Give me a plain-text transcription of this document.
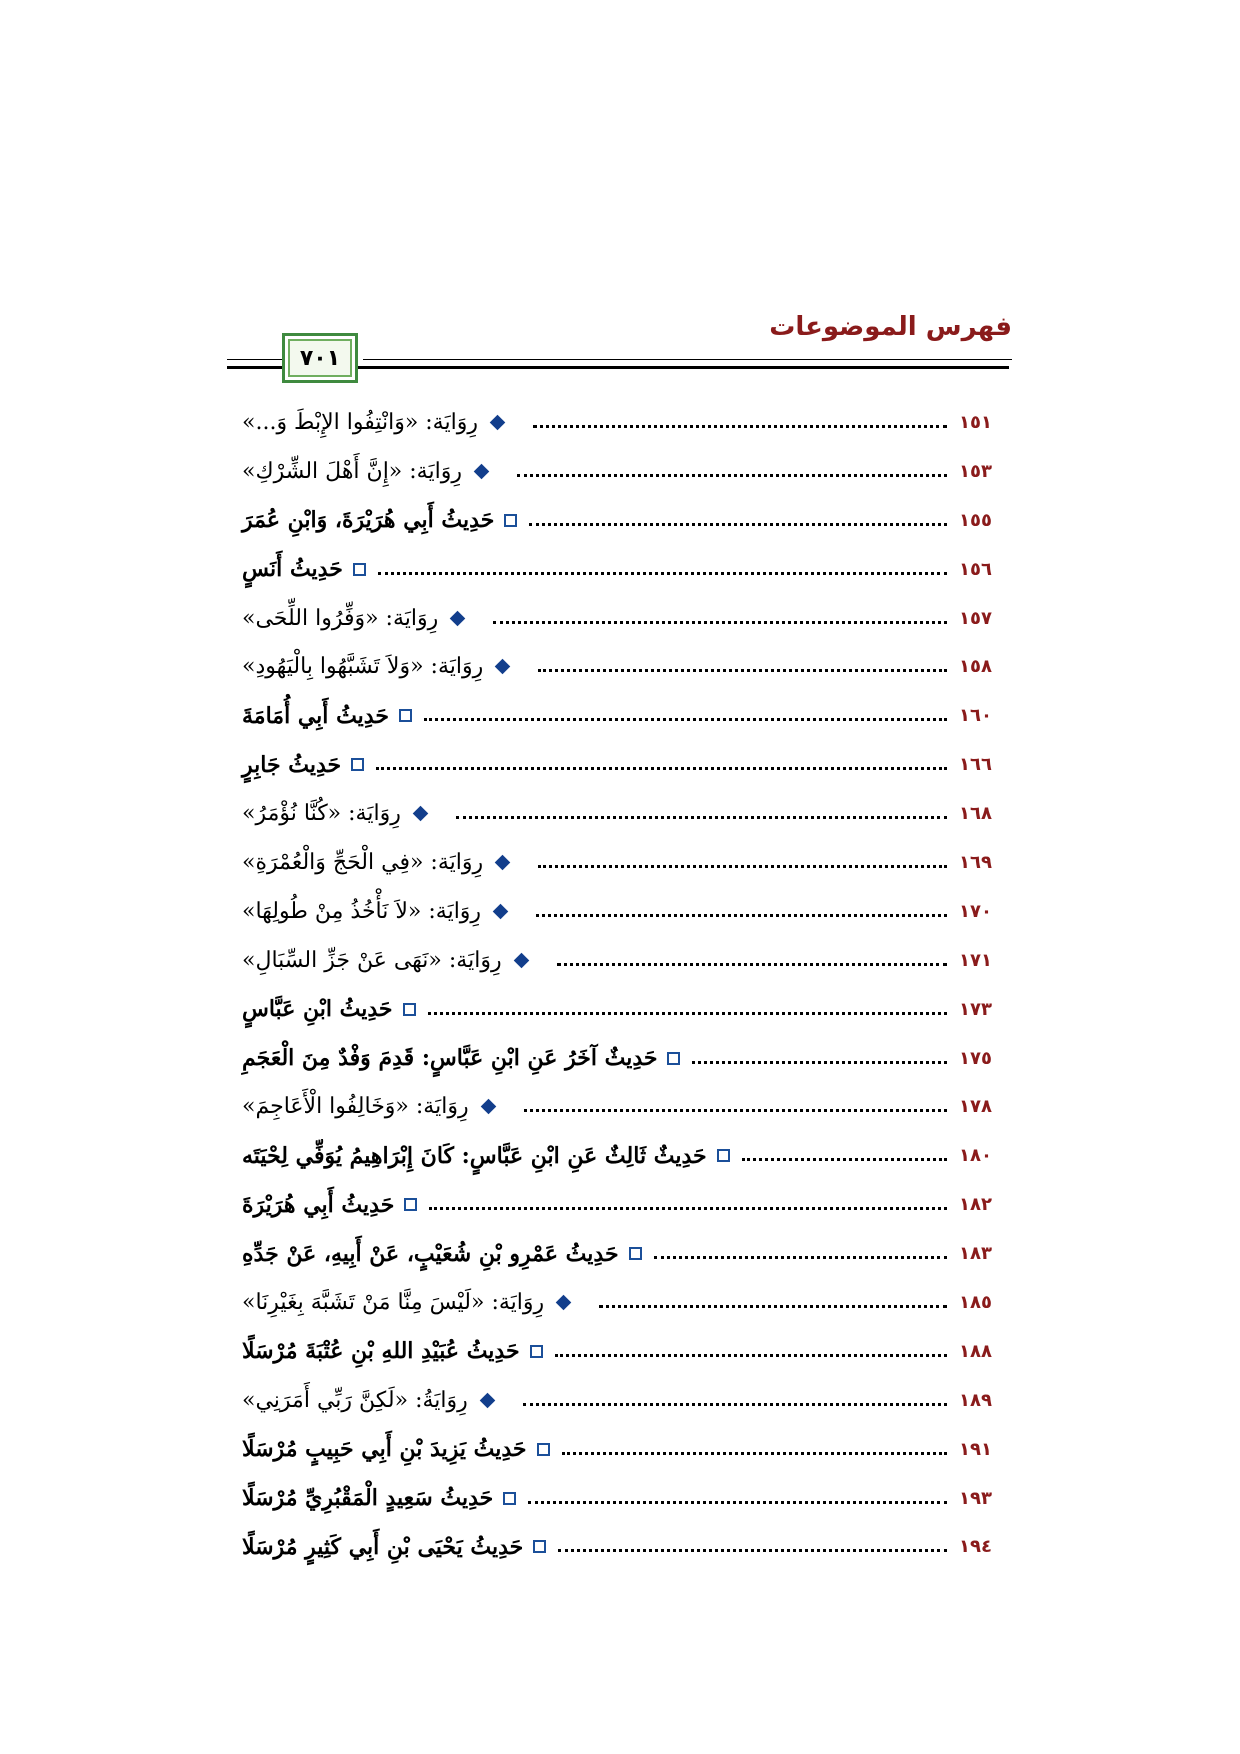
فهرس الموضوعات
٧٠١
رِوَايَة: «وَانْتِفُوا الإِبْطَ وَ...»	١٥١
رِوَايَة: «إِنَّ أَهْلَ الشِّرْكِ»	١٥٣
حَدِيثُ أَبِي هُرَيْرَةَ، وَابْنِ عُمَرَ	١٥٥
حَدِيثُ أَنَسٍ	١٥٦
رِوَايَة: «وَفِّرُوا اللِّحَى»	١٥٧
رِوَايَة: «وَلاَ تَشَبَّهُوا بِالْيَهُودِ»	١٥٨
حَدِيثُ أَبِي أُمَامَةَ	١٦٠
حَدِيثُ جَابِرٍ	١٦٦
رِوَايَة: «كُنَّا نُؤْمَرُ»	١٦٨
رِوَايَة: «فِي الْحَجِّ وَالْعُمْرَةِ»	١٦٩
رِوَايَة: «لاَ نَأْخُذُ مِنْ طُولِهَا»	١٧٠
رِوَايَة: «نَهَى عَنْ جَزِّ السِّبَالِ»	١٧١
حَدِيثُ ابْنِ عَبَّاسٍ	١٧٣
حَدِيثٌ آخَرُ عَنِ ابْنِ عَبَّاسٍ: قَدِمَ وَفْدٌ مِنَ الْعَجَمِ	١٧٥
رِوَايَة: «وَخَالِفُوا الْأَعَاجِمَ»	١٧٨
حَدِيثٌ ثَالِثٌ عَنِ ابْنِ عَبَّاسٍ: كَانَ إِبْرَاهِيمُ يُوَفِّي لِحْيَتَه	١٨٠
حَدِيثُ أَبِي هُرَيْرَةَ	١٨٢
حَدِيثُ عَمْرِو بْنِ شُعَيْبٍ، عَنْ أَبِيهِ، عَنْ جَدِّهِ	١٨٣
رِوَايَة: «لَيْسَ مِنَّا مَنْ تَشَبَّهَ بِغَيْرِنَا»	١٨٥
حَدِيثُ عُبَيْدِ اللهِ بْنِ عُتْبَةَ مُرْسَلًا	١٨٨
رِوَايَةُ: «لَكِنَّ رَبِّي أَمَرَنِي»	١٨٩
حَدِيثُ يَزِيدَ بْنِ أَبِي حَبِيبٍ مُرْسَلًا	١٩١
حَدِيثُ سَعِيدٍ الْمَقْبُرِيِّ مُرْسَلًا	١٩٣
حَدِيثُ يَحْيَى بْنِ أَبِي كَثِيرٍ مُرْسَلًا	١٩٤
